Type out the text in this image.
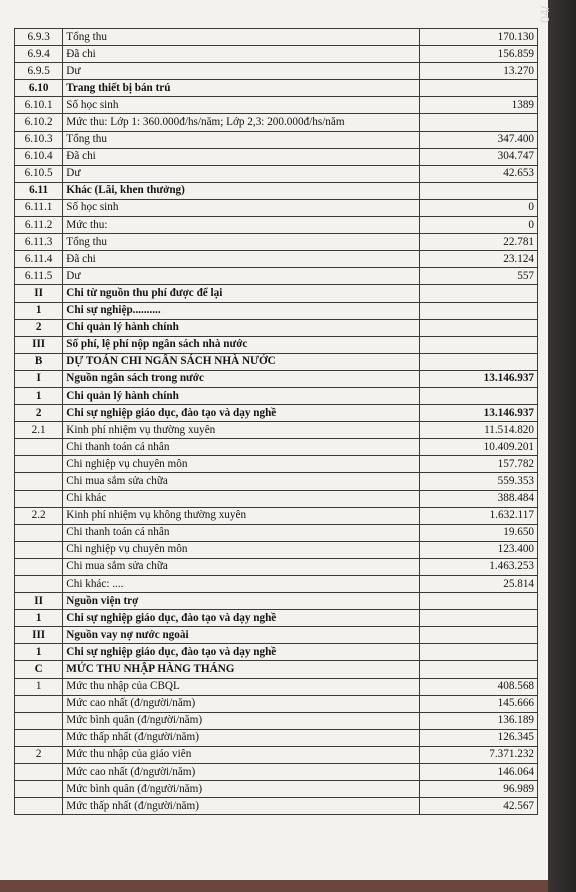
6.9.3	Tổng thu	170.130
6.9.4	Đã chi	156.859
6.9.5	Dư	13.270
6.10	Trang thiết bị bán trú	
6.10.1	Số học sinh	1389
6.10.2	Mức thu: Lớp 1: 360.000đ/hs/năm; Lớp 2,3: 200.000đ/hs/năm	
6.10.3	Tổng thu	347.400
6.10.4	Đã chi	304.747
6.10.5	Dư	42.653
6.11	Khác (Lãi, khen thưởng)	
6.11.1	Số học sinh	0
6.11.2	Mức thu:	0
6.11.3	Tổng thu	22.781
6.11.4	Đã chi	23.124
6.11.5	Dư	557
II	Chi từ nguồn thu phí được để lại	
1	Chi sự nghiệp..........	
2	Chi quản lý hành chính	
III	Số phí, lệ phí nộp ngân sách nhà nước	
B	DỰ TOÁN CHI NGÂN SÁCH NHÀ NƯỚC	
I	Nguồn ngân sách trong nước	13.146.937
1	Chi quản lý hành chính	
2	Chi sự nghiệp giáo dục, đào tạo và dạy nghề	13.146.937
2.1	Kinh phí nhiệm vụ thường xuyên	11.514.820
	Chi thanh toán cá nhân	10.409.201
	Chi nghiệp vụ chuyên môn	157.782
	Chi mua sắm sửa chữa	559.353
	Chi khác	388.484
2.2	Kinh phí nhiệm vụ không thường xuyên	1.632.117
	Chi thanh toán cá nhân	19.650
	Chi nghiệp vụ chuyên môn	123.400
	Chi mua sắm sửa chữa	1.463.253
	Chi khác: ....	25.814
II	Nguồn viện trợ	
1	Chi sự nghiệp giáo dục, đào tạo và dạy nghề	
III	Nguồn vay nợ nước ngoài	
1	Chi sự nghiệp giáo dục, đào tạo và dạy nghề	
C	MỨC THU NHẬP HÀNG THÁNG	
1	Mức thu nhập của CBQL	408.568
	Mức cao nhất (đ/người/năm)	145.666
	Mức bình quân (đ/người/năm)	136.189
	Mức thấp nhất (đ/người/năm)	126.345
2	Mức thu nhập của giáo viên	7.371.232
	Mức cao nhất (đ/người/năm)	146.064
	Mức bình quân (đ/người/năm)	96.989
	Mức thấp nhất (đ/người/năm)	42.567
04/
